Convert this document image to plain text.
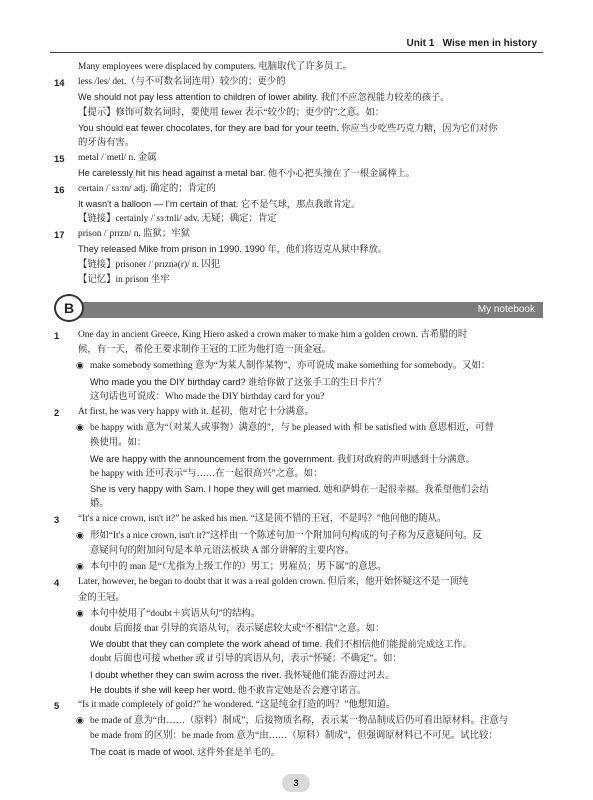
Unit 1 Wise men in history
Many employees were displaced by computers. 电脑取代了许多员工。
14 less /les/ det.（与不可数名词连用）较少的；更少的
We should not pay less attention to children of lower ability. 我们不应忽视能力较差的孩子。
【提示】修饰可数名词时，要使用 fewer 表示“较少的；更少的”之意。如：
You should eat fewer chocolates, for they are bad for your teeth. 你应当少吃些巧克力糖，因为它们对你
的牙齿有害。
15 metal /ˈmetl/ n. 金属
He carelessly hit his head against a metal bar. 他不小心把头撞在了一根金属棒上。
16 certain /ˈsɜːtn/ adj. 确定的；肯定的
It wasn't a balloon — I'm certain of that. 它不是气球，那点我敢肯定。
【链接】certainly /ˈsɜːtnli/ adv. 无疑；确定；肯定
17 prison /ˈprɪzn/ n. 监狱；牢狱
They released Mike from prison in 1990. 1990 年，他们将迈克从狱中释放。
【链接】prisoner /ˈprɪznə(r)/ n. 囚犯
【记忆】in prison 坐牢
B	My notebook
1 One day in ancient Greece, King Hiero asked a crown maker to make him a golden crown. 古希腊的时
候，有一天，希伦王要求制作王冠的工匠为他打造一顶金冠。
◉ make somebody something 意为“为某人制作某物”，亦可说成 make something for somebody。又如：
Who made you the DIY birthday card? 谁给你做了这张手工的生日卡片？
这句话也可说成：Who made the DIY birthday card for you?
2 At first, he was very happy with it. 起初，他对它十分满意。
◉ be happy with 意为“（对某人或事物）满意的”，与 be pleased with 和 be satisfied with 意思相近，可替
换使用。如：
We are happy with the announcement from the government. 我们对政府的声明感到十分满意。
be happy with 还可表示“与……在一起很高兴”之意。如：
She is very happy with Sam. I hope they will get married. 她和萨姆在一起很幸福。我希望他们会结
婚。
3 “It's a nice crown, isn't it?” he asked his men. “这是顶不错的王冠，不是吗？”他问他的随从。
◉ 形如“It's a nice crown, isn't it?”这样由一个陈述句加一个附加问句构成的句子称为反意疑问句。反
意疑问句的附加问句是本单元语法板块 A 部分讲解的主要内容。
◉ 本句中的 man 是“（尤指为上级工作的）男工；男雇员；男下属”的意思。
4 Later, however, he began to doubt that it was a real golden crown. 但后来，他开始怀疑这不是一顶纯
金的王冠。
◉ 本句中使用了“doubt＋宾语从句”的结构。
doubt 后面接 that 引导的宾语从句，表示疑虑较大或“不相信”之意。如：
We doubt that they can complete the work ahead of time. 我们不相信他们能提前完成这工作。
doubt 后面也可接 whether 或 if 引导的宾语从句，表示“怀疑；不确定”。如：
I doubt whether they can swim across the river. 我怀疑他们能否游过河去。
He doubts if she will keep her word. 他不敢肯定她是否会遵守诺言。
5 “Is it made completely of gold?” he wondered. “这是纯金打造的吗？”他想知道。
◉ be made of 意为“由……（原料）制成”，后接物质名称，表示某一物品制成后仍可看出原材料。注意与
be made from 的区别：be made from 意为“由……（原料）制成”，但强调原材料已不可见。试比较：
The coat is made of wool. 这件外套是羊毛的。
3
